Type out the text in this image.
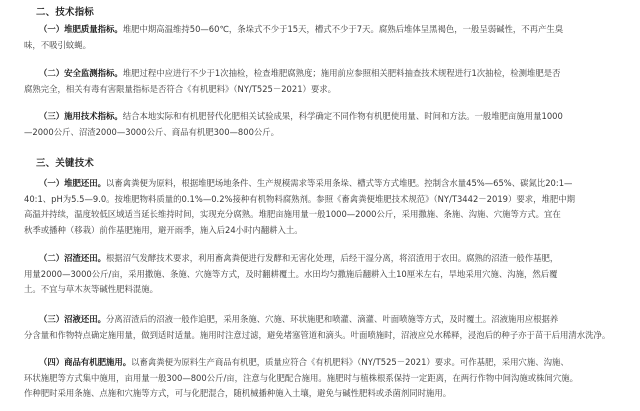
二、技术指标
（一）堆肥质量指标。堆肥中期高温维持50—60℃，条垛式不少于15天，槽式不少于7天。腐熟后堆体呈黑褐色，一般呈弱碱性，不再产生臭
味，不吸引蚊蝇。
（二）安全监测指标。堆肥过程中应进行不少于1次抽检，检查堆肥腐熟度；施用前应参照相关肥料抽查技术规程进行1次抽检，检测堆肥是否
腐熟完全，相关有毒有害限量指标是否符合《有机肥料》（NY/T525－2021）要求。
（三）施用技术指标。结合本地实际和有机肥替代化肥相关试验成果，科学确定不同作物有机肥使用量、时间和方法。一般堆肥亩施用量1000
—2000公斤、沼渣2000—3000公斤、商品有机肥300—800公斤。
三、关键技术
（一）堆肥还田。以畜禽粪便为原料，根据堆肥场地条件、生产规模需求等采用条垛、槽式等方式堆肥。控制含水量45%—65%、碳氮比20:1—
40:1、pH为5.5—9.0。按堆肥物料质量的0.1%—0.2%接种有机物料腐熟剂。参照《畜禽粪便堆肥技术规范》（NY/T3442－2019）要求，堆肥中期
高温并持续，温度较低区域适当延长维持时间，实现充分腐熟。堆肥亩施用量一般1000—2000公斤，采用撒施、条施、沟施、穴施等方式。宜在
秋季或播种（移栽）前作基肥施用，避开雨季，施入后24小时内翻耕入土。
（二）沼渣还田。根据沼气发酵技术要求，利用畜禽粪便进行发酵和无害化处理，后经干湿分离，将沼渣用于农田。腐熟的沼渣一般作基肥，
用量2000—3000公斤/亩，采用撒施、条施、穴施等方式，及时翻耕覆土。水田均匀撒施后翻耕入土10厘米左右，旱地采用穴施、沟施，然后覆
土。不宜与草木灰等碱性肥料混施。
（三）沼液还田。分离沼渣后的沼液一般作追肥，采用条施、穴施、环状施肥和喷灌、滴灌、叶面喷施等方式，及时覆土。沼液施用应根据养
分含量和作物特点确定施用量，做到适时适量。施用时注意过滤，避免堵塞管道和滴头。叶面喷施时，沼液应兑水稀释，浸泡后的种子亦于苗干后用清水洗净。
（四）商品有机肥施用。以畜禽粪便为原料生产商品有机肥，质量应符合《有机肥料》（NY/T525－2021）要求。可作基肥，采用穴施、沟施、
环状施肥等方式集中施用，亩用量一般300—800公斤/亩，注意与化肥配合施用。施肥时与植株根系保持一定距离，在两行作物中间沟施或株间穴施。
作种肥时采用条施、点施和穴施等方式，可与化肥混合，随机械播种施入土壤，避免与碱性肥料或杀菌剂同时施用。
